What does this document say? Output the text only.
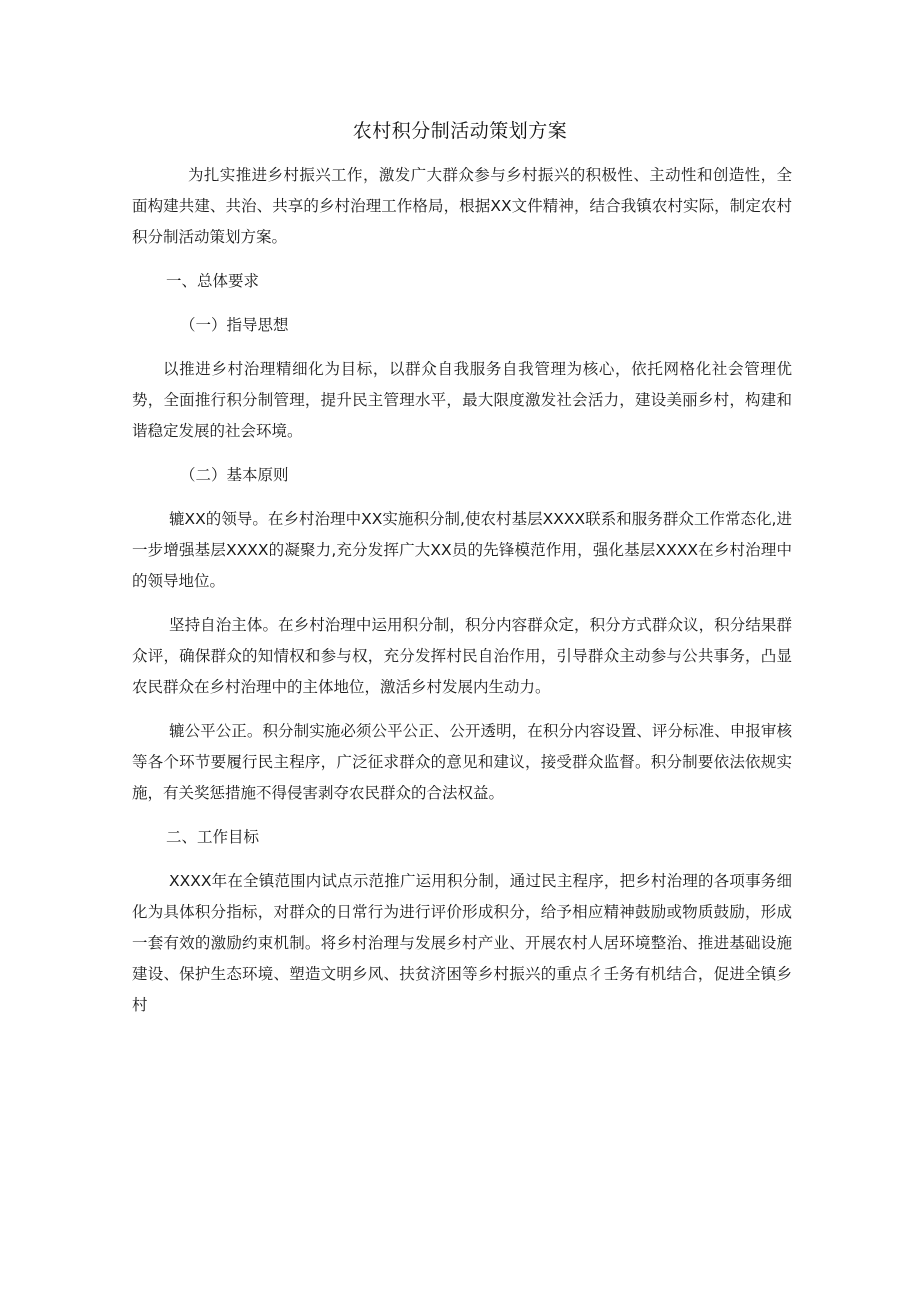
农村积分制活动策划方案

为扎实推进乡村振兴工作，激发广大群众参与乡村振兴的积极性、主动性和创造性，全面构建共建、共治、共享的乡村治理工作格局，根据XX文件精神，结合我镇农村实际，制定农村积分制活动策划方案。

一、总体要求

（一）指导思想

以推进乡村治理精细化为目标，以群众自我服务自我管理为核心，依托网格化社会管理优势，全面推行积分制管理，提升民主管理水平，最大限度激发社会活力，建设美丽乡村，构建和谐稳定发展的社会环境。

（二）基本原则

辘XX的领导。在乡村治理中XX实施积分制,使农村基层XXXX联系和服务群众工作常态化,进一步增强基层XXXX的凝聚力,充分发挥广大XX员的先锋模范作用，强化基层XXXX在乡村治理中的领导地位。

坚持自治主体。在乡村治理中运用积分制，积分内容群众定，积分方式群众议，积分结果群众评，确保群众的知情权和参与权，充分发挥村民自治作用，引导群众主动参与公共事务，凸显农民群众在乡村治理中的主体地位，激活乡村发展内生动力。

辘公平公正。积分制实施必须公平公正、公开透明，在积分内容设置、评分标准、申报审核等各个环节要履行民主程序，广泛征求群众的意见和建议，接受群众监督。积分制要依法依规实施，有关奖惩措施不得侵害剥夺农民群众的合法权益。

二、工作目标

XXXX年在全镇范围内试点示范推广运用积分制，通过民主程序，把乡村治理的各项事务细化为具体积分指标，对群众的日常行为进行评价形成积分，给予相应精神鼓励或物质鼓励，形成一套有效的激励约束机制。将乡村治理与发展乡村产业、开展农村人居环境整治、推进基础设施建设、保护生态环境、塑造文明乡风、扶贫济困等乡村振兴的重点彳壬务有机结合，促进全镇乡村
